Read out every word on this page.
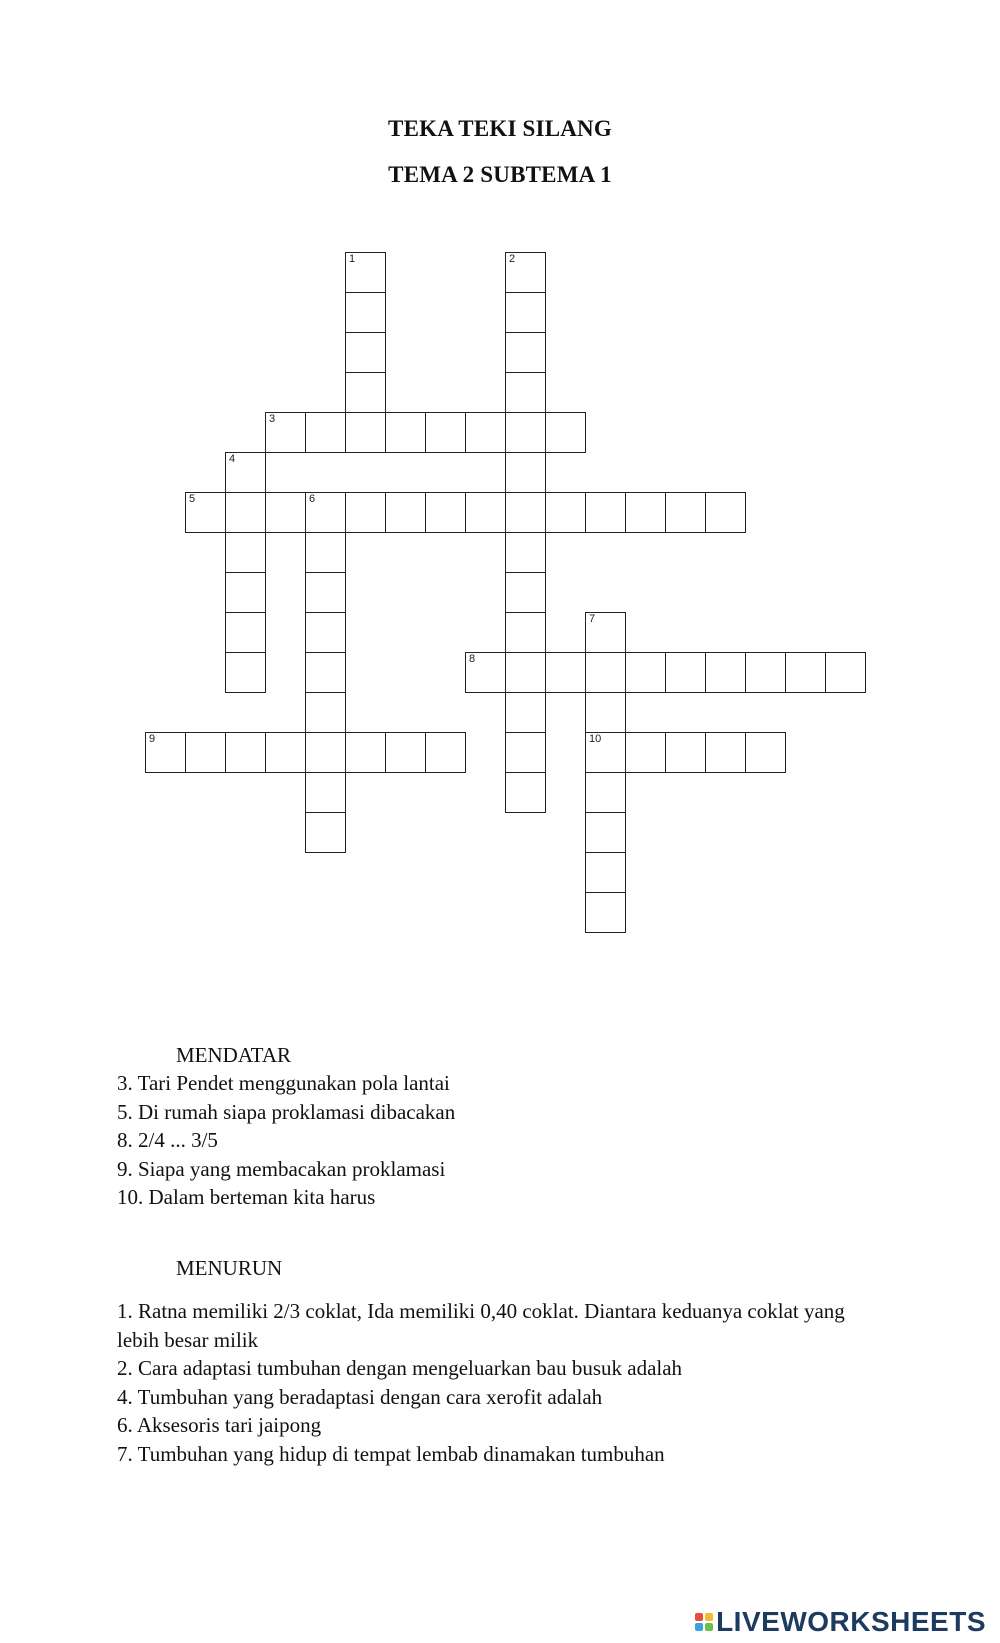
TEKA TEKI SILANG
TEMA 2 SUBTEMA 1
3
5	6
8
9	10
1	2
4
7
MENDATAR
3. Tari Pendet menggunakan pola lantai
5. Di rumah siapa proklamasi dibacakan
8. 2/4 ... 3/5
9. Siapa yang membacakan proklamasi
10. Dalam berteman kita harus
MENURUN
1. Ratna memiliki 2/3 coklat, Ida memiliki 0,40 coklat. Diantara keduanya coklat yang lebih besar milik
2. Cara adaptasi tumbuhan dengan mengeluarkan bau busuk adalah
4. Tumbuhan yang beradaptasi dengan cara xerofit adalah
6. Aksesoris tari jaipong
7. Tumbuhan yang hidup di tempat lembab dinamakan tumbuhan
LIVEWORKSHEETS
